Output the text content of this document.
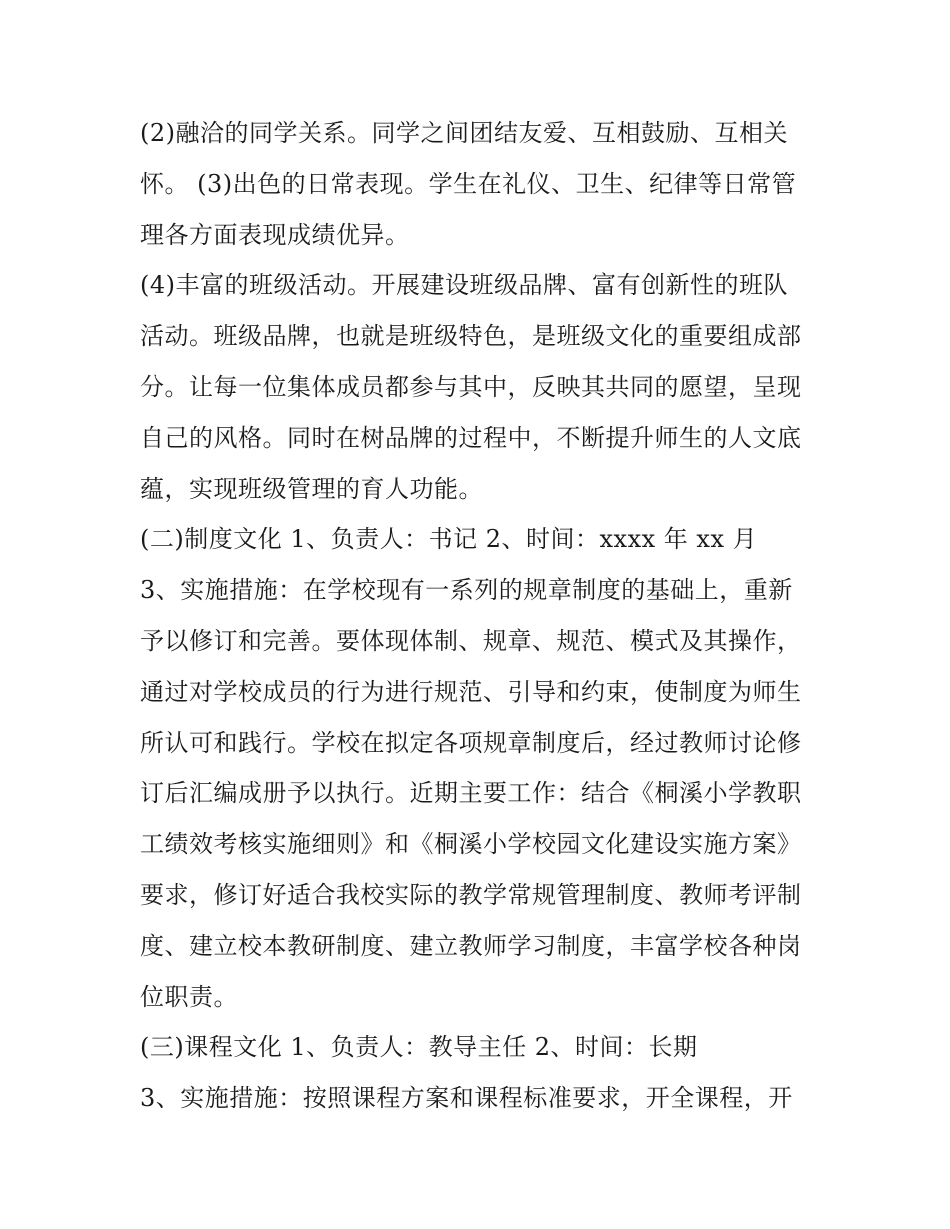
(2)融洽的同学关系。同学之间团结友爱、互相鼓励、互相关
怀。 (3)出色的日常表现。学生在礼仪、卫生、纪律等日常管
理各方面表现成绩优异。
(4)丰富的班级活动。开展建设班级品牌、富有创新性的班队
活动。班级品牌，也就是班级特色，是班级文化的重要组成部
分。让每一位集体成员都参与其中，反映其共同的愿望，呈现
自己的风格。同时在树品牌的过程中，不断提升师生的人文底
蕴，实现班级管理的育人功能。
(二)制度文化 1、负责人：书记 2、时间：xxxx 年 xx 月
3、实施措施：在学校现有一系列的规章制度的基础上，重新
予以修订和完善。要体现体制、规章、规范、模式及其操作，
通过对学校成员的行为进行规范、引导和约束，使制度为师生
所认可和践行。学校在拟定各项规章制度后，经过教师讨论修
订后汇编成册予以执行。近期主要工作：结合《桐溪小学教职
工绩效考核实施细则》和《桐溪小学校园文化建设实施方案》
要求，修订好适合我校实际的教学常规管理制度、教师考评制
度、建立校本教研制度、建立教师学习制度，丰富学校各种岗
位职责。
(三)课程文化 1、负责人：教导主任 2、时间：长期
3、实施措施：按照课程方案和课程标准要求，开全课程，开
